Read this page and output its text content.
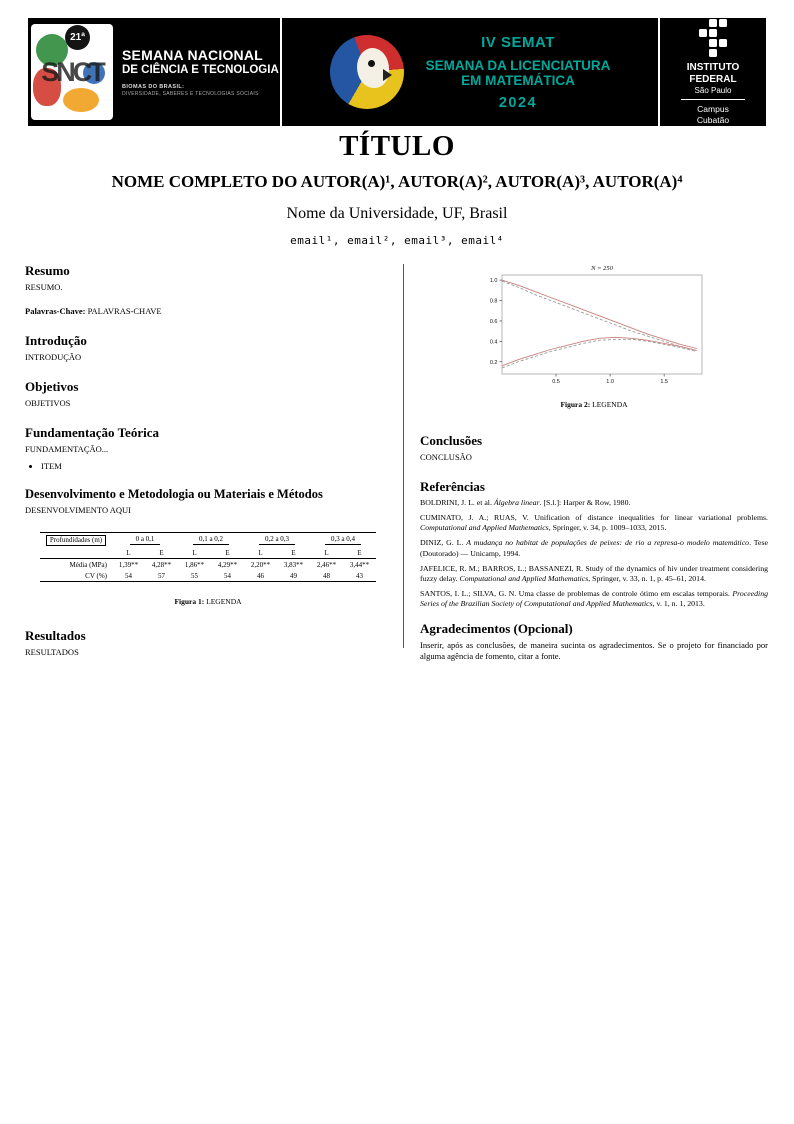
SNCT
21ª
SEMANA NACIONAL
DE CIÊNCIA E TECNOLOGIA
BIOMAS DO BRASIL:
DIVERSIDADE, SABERES E TECNOLOGIAS SOCIAIS
IV SEMAT
SEMANA DA LICENCIATURA
EM MATEMÁTICA
2024
INSTITUTO
FEDERAL
São Paulo
Campus
Cubatão
TÍTULO
NOME COMPLETO DO AUTOR(A)¹, AUTOR(A)², AUTOR(A)³, AUTOR(A)⁴
Nome da Universidade, UF, Brasil
email¹, email², email³, email⁴
Resumo

RESUMO.

Palavras-Chave: PALAVRAS-CHAVE

Introdução

INTRODUÇÃO

Objetivos

OBJETIVOS

Fundamentação Teórica

FUNDAMENTAÇÃO...

• ITEM
Desenvolvimento e Metodologia ou Materiais e Métodos

DESENVOLVIMENTO AQUI

Profundidades (m)	0 a 0,1		0,1 a 0,2		0,2 a 0,3		0,3 a 0,4	
	L	E	L	E	L	E	L	E
Média (MPa)	1,39**	4,28**	1,86**	4,29**	2,20**	3,83**	2,46**	3,44**
CV (%)	54	57	55	54	46	49	48	43
Figura 1: LEGENDA
Resultados

RESULTADOS

0.2
0.4
0.6
0.8
1.0
0.5	1.0	1.5
N = 250
Figura 2: LEGENDA
Conclusões

CONCLUSÃO

Referências

BOLDRINI, J. L. et al. Álgebra linear. [S.l.]: Harper & Row, 1980.

CUMINATO, J. A.; RUAS, V. Unification of distance inequalities for linear variational problems. Computational and Applied Mathematics, Springer, v. 34, p. 1009–1033, 2015.

DINIZ, G. L. A mudança no habitat de populações de peixes: de rio a represa-o modelo matemático. Tese (Doutorado) — Unicamp, 1994.

JAFELICE, R. M.; BARROS, L.; BASSANEZI, R. Study of the dynamics of hiv under treatment considering fuzzy delay. Computational and Applied Mathematics, Springer, v. 33, n. 1, p. 45–61, 2014.

SANTOS, I. L.; SILVA, G. N. Uma classe de problemas de controle ótimo em escalas temporais. Proceeding Series of the Brazilian Society of Computational and Applied Mathematics, v. 1, n. 1, 2013.

Agradecimentos (Opcional)

Inserir, após as conclusões, de maneira sucinta os agradecimentos. Se o projeto for financiado por alguma agência de fomento, citar a fonte.
